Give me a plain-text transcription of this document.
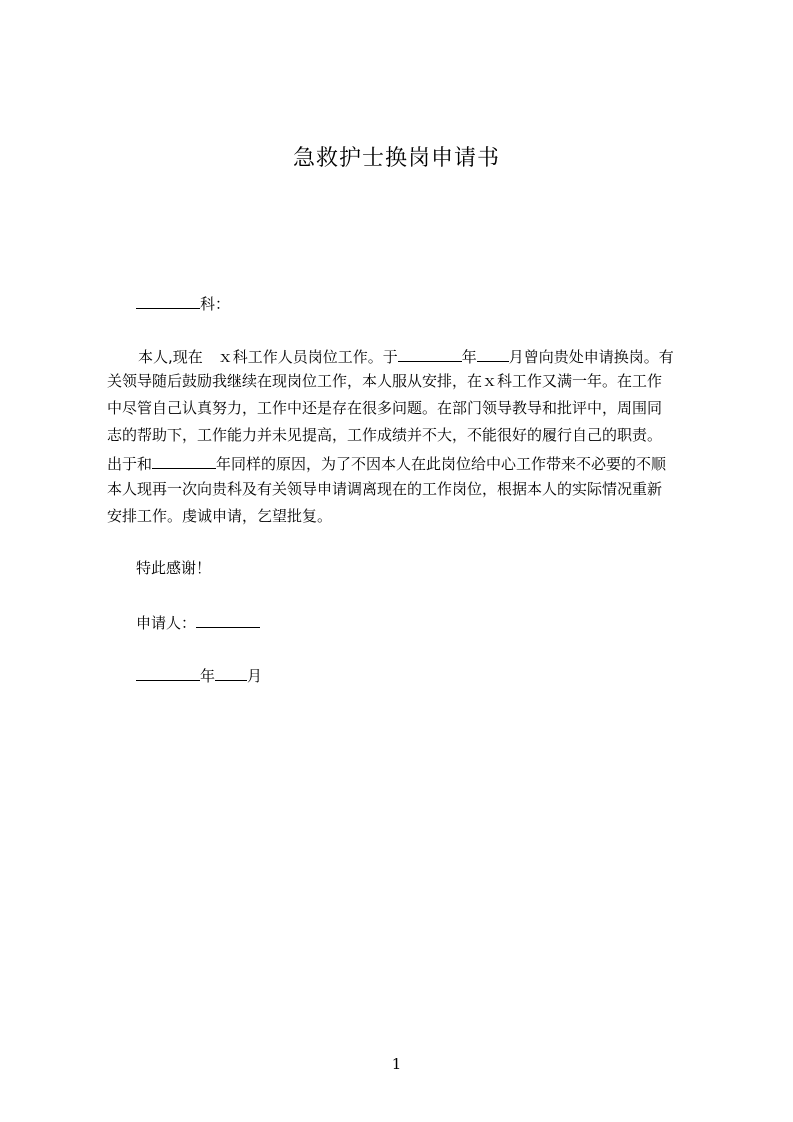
急救护士换岗申请书
科：
本人,现在　ｘ科工作人员岗位工作。于	年 月曾向贵处申请换岗。有
关领导随后鼓励我继续在现岗位工作，本人服从安排，在ｘ科工作又满一年。在工作
中尽管自己认真努力，工作中还是存在很多问题。在部门领导教导和批评中，周围同
志的帮助下，工作能力并未见提高，工作成绩并不大，不能很好的履行自己的职责。
出于和	年同样的原因，为了不因本人在此岗位给中心工作带来不必要的不顺
本人现再一次向贵科及有关领导申请调离现在的工作岗位，根据本人的实际情况重新
安排工作。虔诚申请，乞望批复。
特此感谢！
申请人：
年 月
1
